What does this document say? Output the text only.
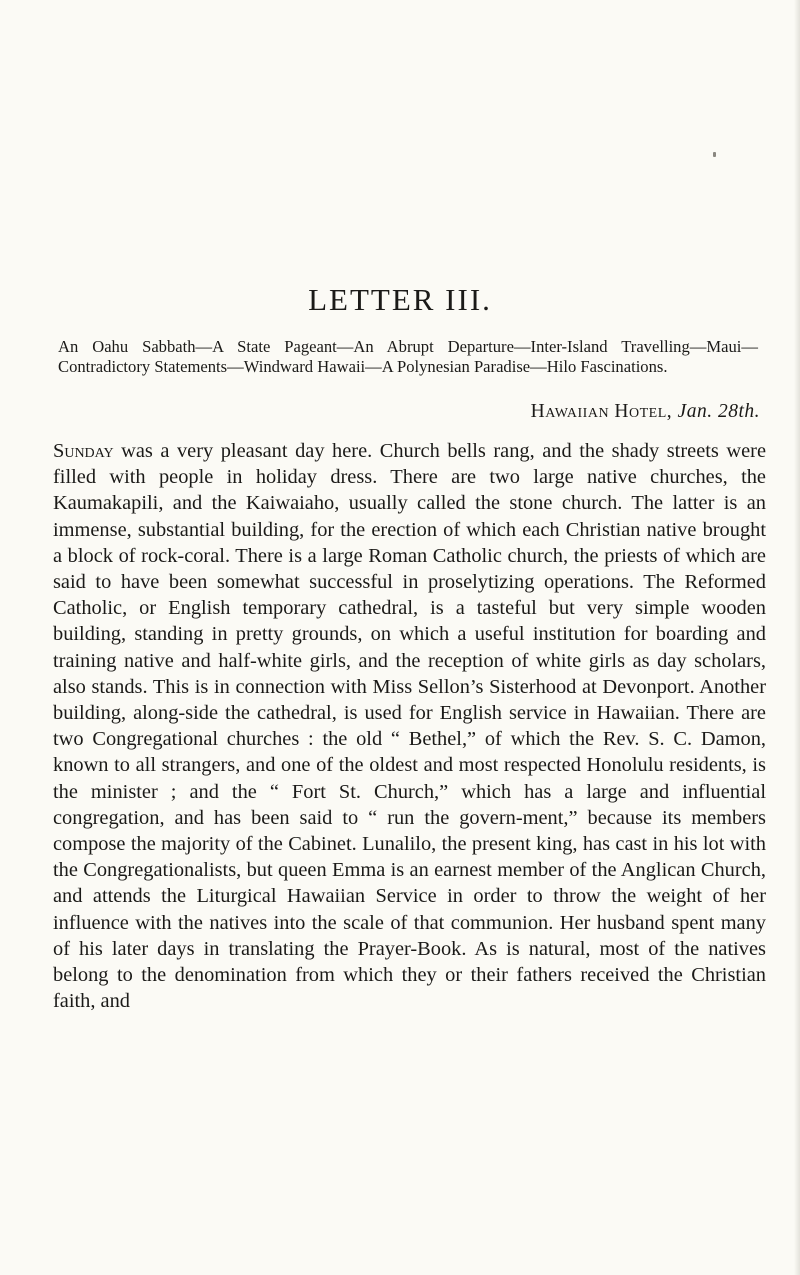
LETTER III.
An Oahu Sabbath—A State Pageant—An Abrupt Departure—Inter-Island Travelling—Maui—Contradictory Statements—Windward Hawaii—A Polynesian Paradise—Hilo Fascinations.
Hawaiian Hotel, Jan. 28th.
Sunday was a very pleasant day here. Church bells rang, and the shady streets were filled with people in holiday dress. There are two large native churches, the Kaumakapili, and the Kaiwaiaho, usually called the stone church. The latter is an immense, substantial building, for the erection of which each Christian native brought a block of rock-coral. There is a large Roman Catholic church, the priests of which are said to have been somewhat successful in proselytizing operations. The Reformed Catholic, or English temporary cathedral, is a tasteful but very simple wooden building, standing in pretty grounds, on which a useful institution for boarding and training native and half-white girls, and the reception of white girls as day scholars, also stands. This is in connection with Miss Sellon’s Sisterhood at Devonport. Another building, along-side the cathedral, is used for English service in Hawaiian. There are two Congregational churches : the old “ Bethel,” of which the Rev. S. C. Damon, known to all strangers, and one of the oldest and most respected Honolulu residents, is the minister ; and the “ Fort St. Church,” which has a large and influential congregation, and has been said to “ run the govern-ment,” because its members compose the majority of the Cabinet. Lunalilo, the present king, has cast in his lot with the Congregationalists, but queen Emma is an earnest member of the Anglican Church, and attends the Liturgical Hawaiian Service in order to throw the weight of her influence with the natives into the scale of that communion. Her husband spent many of his later days in translating the Prayer-Book. As is natural, most of the natives belong to the denomination from which they or their fathers received the Christian faith, and
